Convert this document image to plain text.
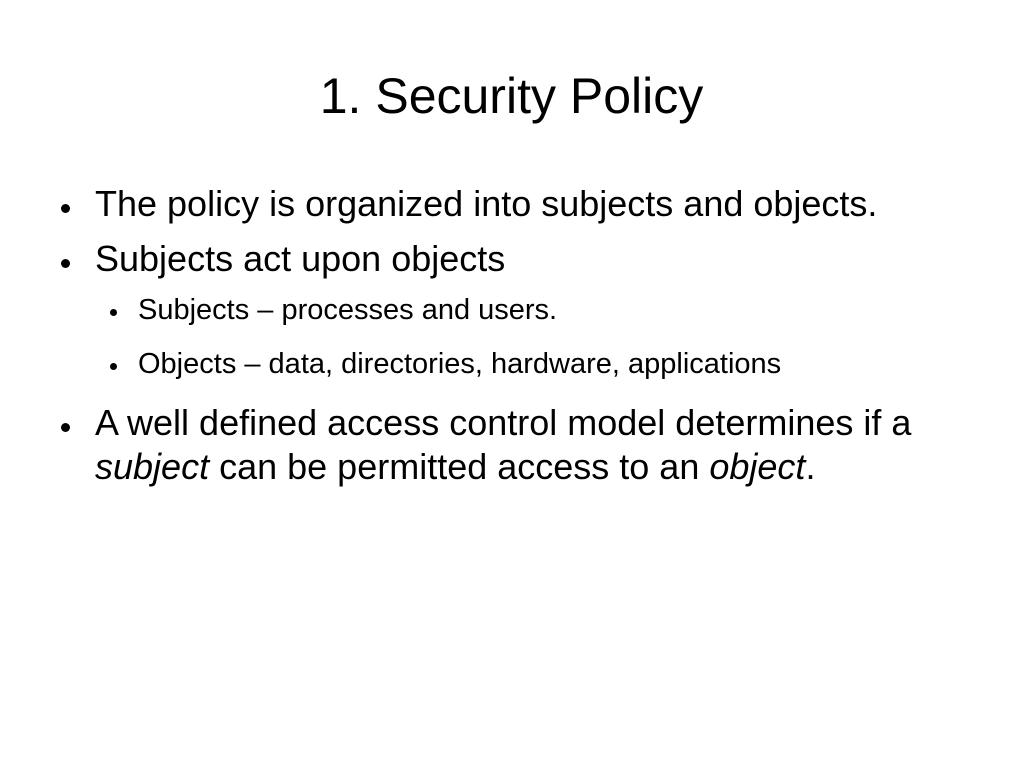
1. Security Policy
The policy is organized into subjects and objects.
Subjects act upon objects
Subjects – processes and users.
Objects – data, directories, hardware, applications
A well defined access control model determines if a subject can be permitted access to an object.
